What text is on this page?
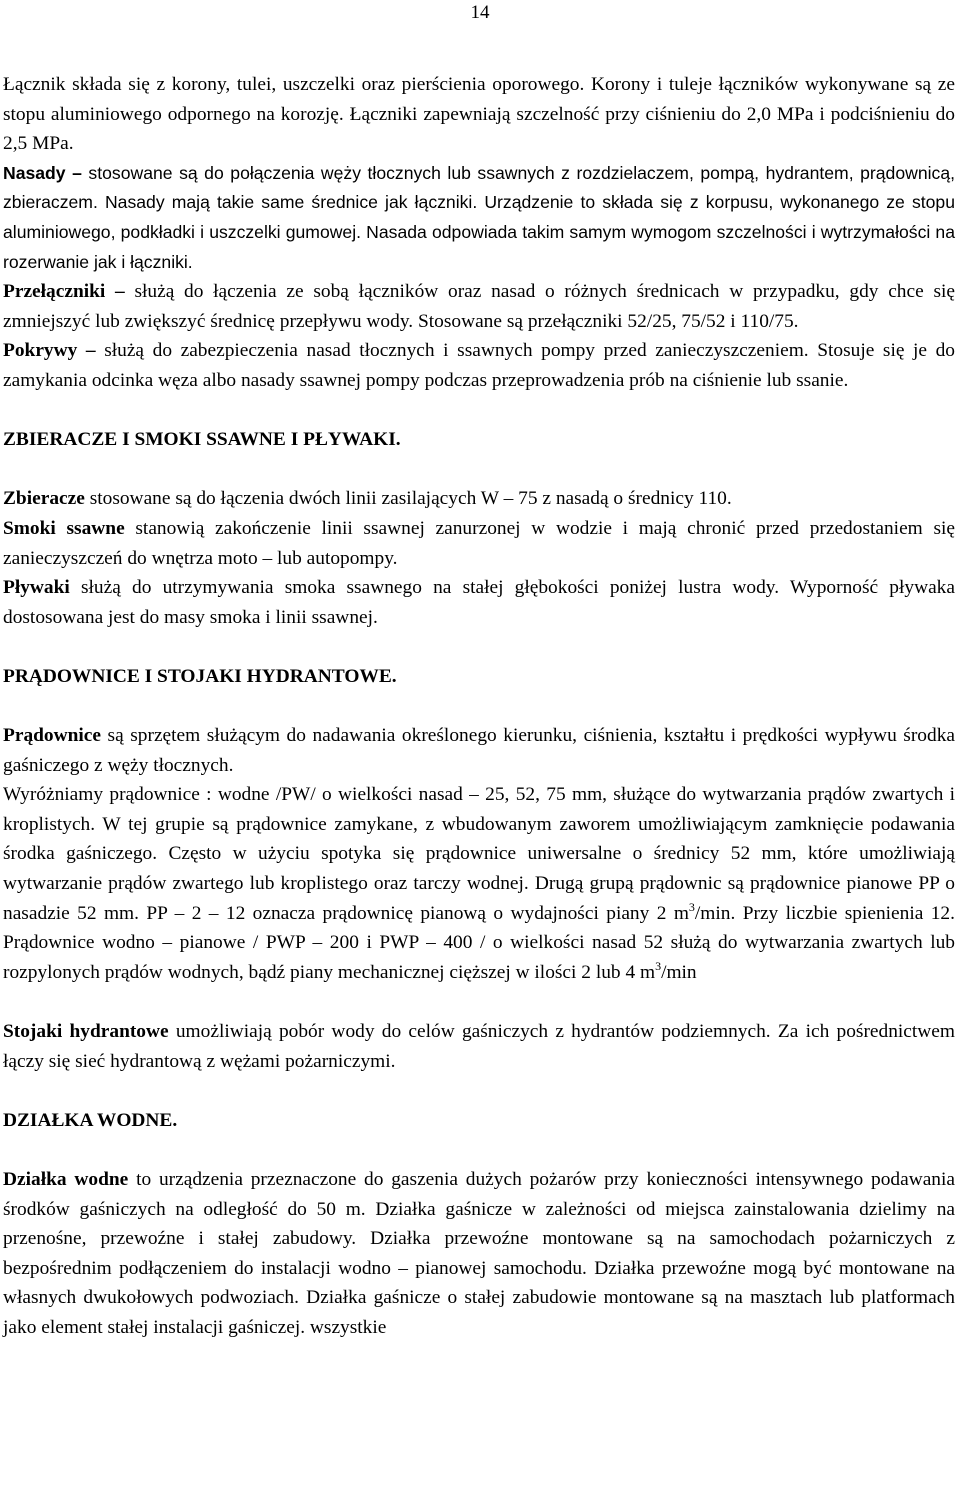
14

Łącznik składa się z korony, tulei, uszczelki oraz pierścienia oporowego. Korony i tuleje łączników wykonywane są ze stopu aluminiowego odpornego na korozję. Łączniki zapewniają szczelność przy ciśnieniu do 2,0 MPa i podciśnieniu do 2,5 MPa.

Nasady – stosowane są do połączenia węży tłocznych lub ssawnych z rozdzielaczem, pompą, hydrantem, prądownicą, zbieraczem. Nasady mają takie same średnice jak łączniki. Urządzenie to składa się z korpusu, wykonanego ze stopu aluminiowego, podkładki i uszczelki gumowej. Nasada odpowiada takim samym wymogom szczelności i wytrzymałości na rozerwanie jak i łączniki.

Przełączniki – służą do łączenia ze sobą łączników oraz nasad o różnych średnicach w przypadku, gdy chce się zmniejszyć lub zwiększyć średnicę przepływu wody. Stosowane są przełączniki 52/25, 75/52 i 110/75.

Pokrywy – służą do zabezpieczenia nasad tłocznych i ssawnych pompy przed zanieczyszczeniem. Stosuje się je do zamykania odcinka węza albo nasady ssawnej pompy podczas przeprowadzenia prób na ciśnienie lub ssanie.

ZBIERACZE I SMOKI SSAWNE I PŁYWAKI.

Zbieracze stosowane są do łączenia dwóch linii zasilających W – 75 z nasadą o średnicy 110.

Smoki ssawne stanowią zakończenie linii ssawnej zanurzonej w wodzie i mają chronić przed przedostaniem się zanieczyszczeń do wnętrza moto – lub autopompy.

Pływaki służą do utrzymywania smoka ssawnego na stałej głębokości poniżej lustra wody. Wyporność pływaka dostosowana jest do masy smoka i linii ssawnej.

PRĄDOWNICE I STOJAKI HYDRANTOWE.

Prądownice są sprzętem służącym do nadawania określonego kierunku, ciśnienia, kształtu i prędkości wypływu środka gaśniczego z węży tłocznych.

Wyróżniamy prądownice : wodne /PW/ o wielkości nasad – 25, 52, 75 mm, służące do wytwarzania prądów zwartych i kroplistych. W tej grupie są prądownice zamykane, z wbudowanym zaworem umożliwiającym zamknięcie podawania środka gaśniczego. Często w użyciu spotyka się prądownice uniwersalne o średnicy 52 mm, które umożliwiają wytwarzanie prądów zwartego lub kroplistego oraz tarczy wodnej. Drugą grupą prądownic są prądownice pianowe PP o nasadzie 52 mm. PP – 2 – 12 oznacza prądownicę pianową o wydajności piany 2 $m^3/\min$. Przy liczbie spienienia 12. Prądownice wodno – pianowe / PWP – 200 i PWP – 400 / o wielkości nasad 52 służą do wytwarzania zwartych lub rozpylonych prądów wodnych, bądź piany mechanicznej cięższej w ilości 2 lub 4 $m^3/\min$

Stojaki hydrantowe umożliwiają pobór wody do celów gaśniczych z hydrantów podziemnych. Za ich pośrednictwem łączy się sieć hydrantową z wężami pożarniczymi.

DZIAŁKA WODNE.

Działka wodne to urządzenia przeznaczone do gaszenia dużych pożarów przy konieczności intensywnego podawania środków gaśniczych na odległość do 50 m. Działka gaśnicze w zależności od miejsca zainstalowania dzielimy na przenośne, przewoźne i stałej zabudowy. Działka przewoźne montowane są na samochodach pożarniczych z bezpośrednim podłączeniem do instalacji wodno – pianowej samochodu. Działka przewoźne mogą być montowane na własnych dwukołowych podwoziach. Działka gaśnicze o stałej zabudowie montowane są na masztach lub platformach jako element stałej instalacji gaśniczej. wszystkie
